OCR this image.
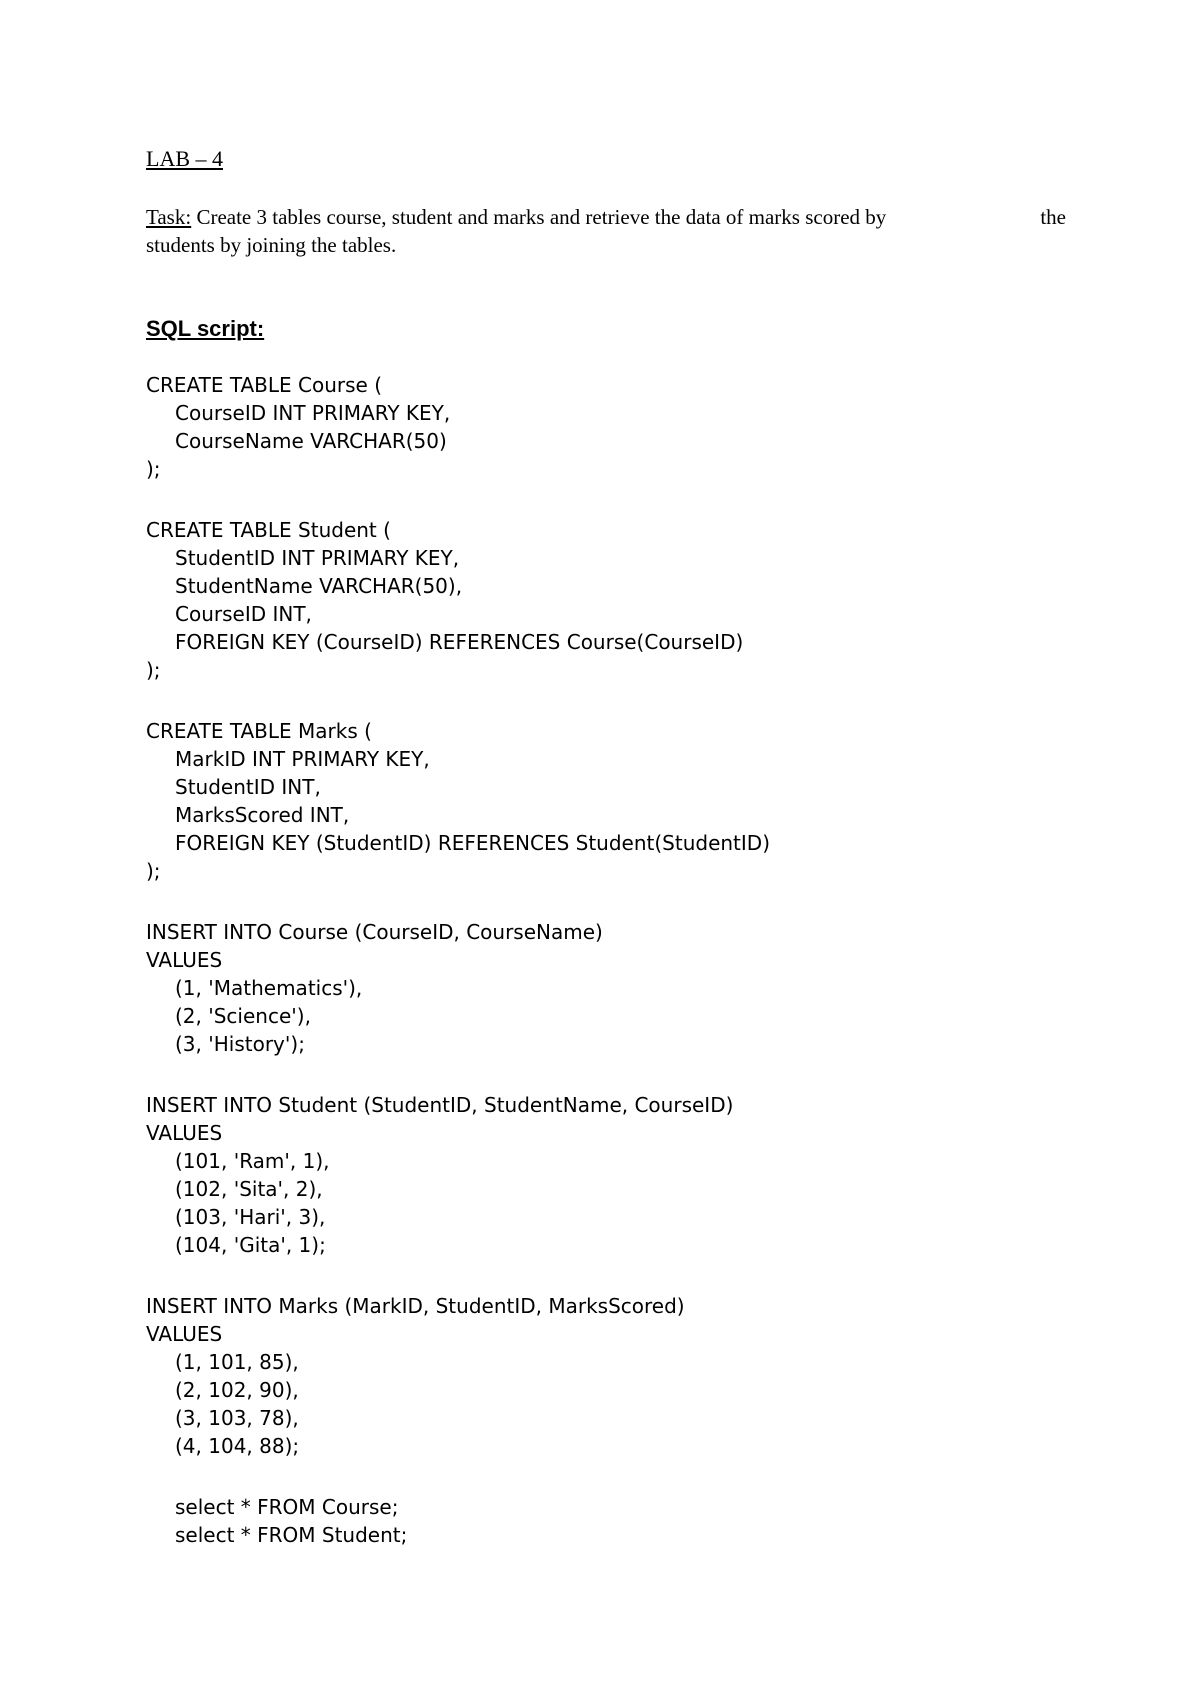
LAB – 4
Task: Create 3 tables course, student and marks and retrieve the data of marks scored by	the
students by joining the tables.
SQL script:
CREATE TABLE Course (
CourseID INT PRIMARY KEY,
CourseName VARCHAR(50)
);
CREATE TABLE Student (
StudentID INT PRIMARY KEY,
StudentName VARCHAR(50),
CourseID INT,
FOREIGN KEY (CourseID) REFERENCES Course(CourseID)
);
CREATE TABLE Marks (
MarkID INT PRIMARY KEY,
StudentID INT,
MarksScored INT,
FOREIGN KEY (StudentID) REFERENCES Student(StudentID)
);
INSERT INTO Course (CourseID, CourseName)
VALUES
(1, 'Mathematics'),
(2, 'Science'),
(3, 'History');
INSERT INTO Student (StudentID, StudentName, CourseID)
VALUES
(101, 'Ram', 1),
(102, 'Sita', 2),
(103, 'Hari', 3),
(104, 'Gita', 1);
INSERT INTO Marks (MarkID, StudentID, MarksScored)
VALUES
(1, 101, 85),
(2, 102, 90),
(3, 103, 78),
(4, 104, 88);
select * FROM Course;
select * FROM Student;
